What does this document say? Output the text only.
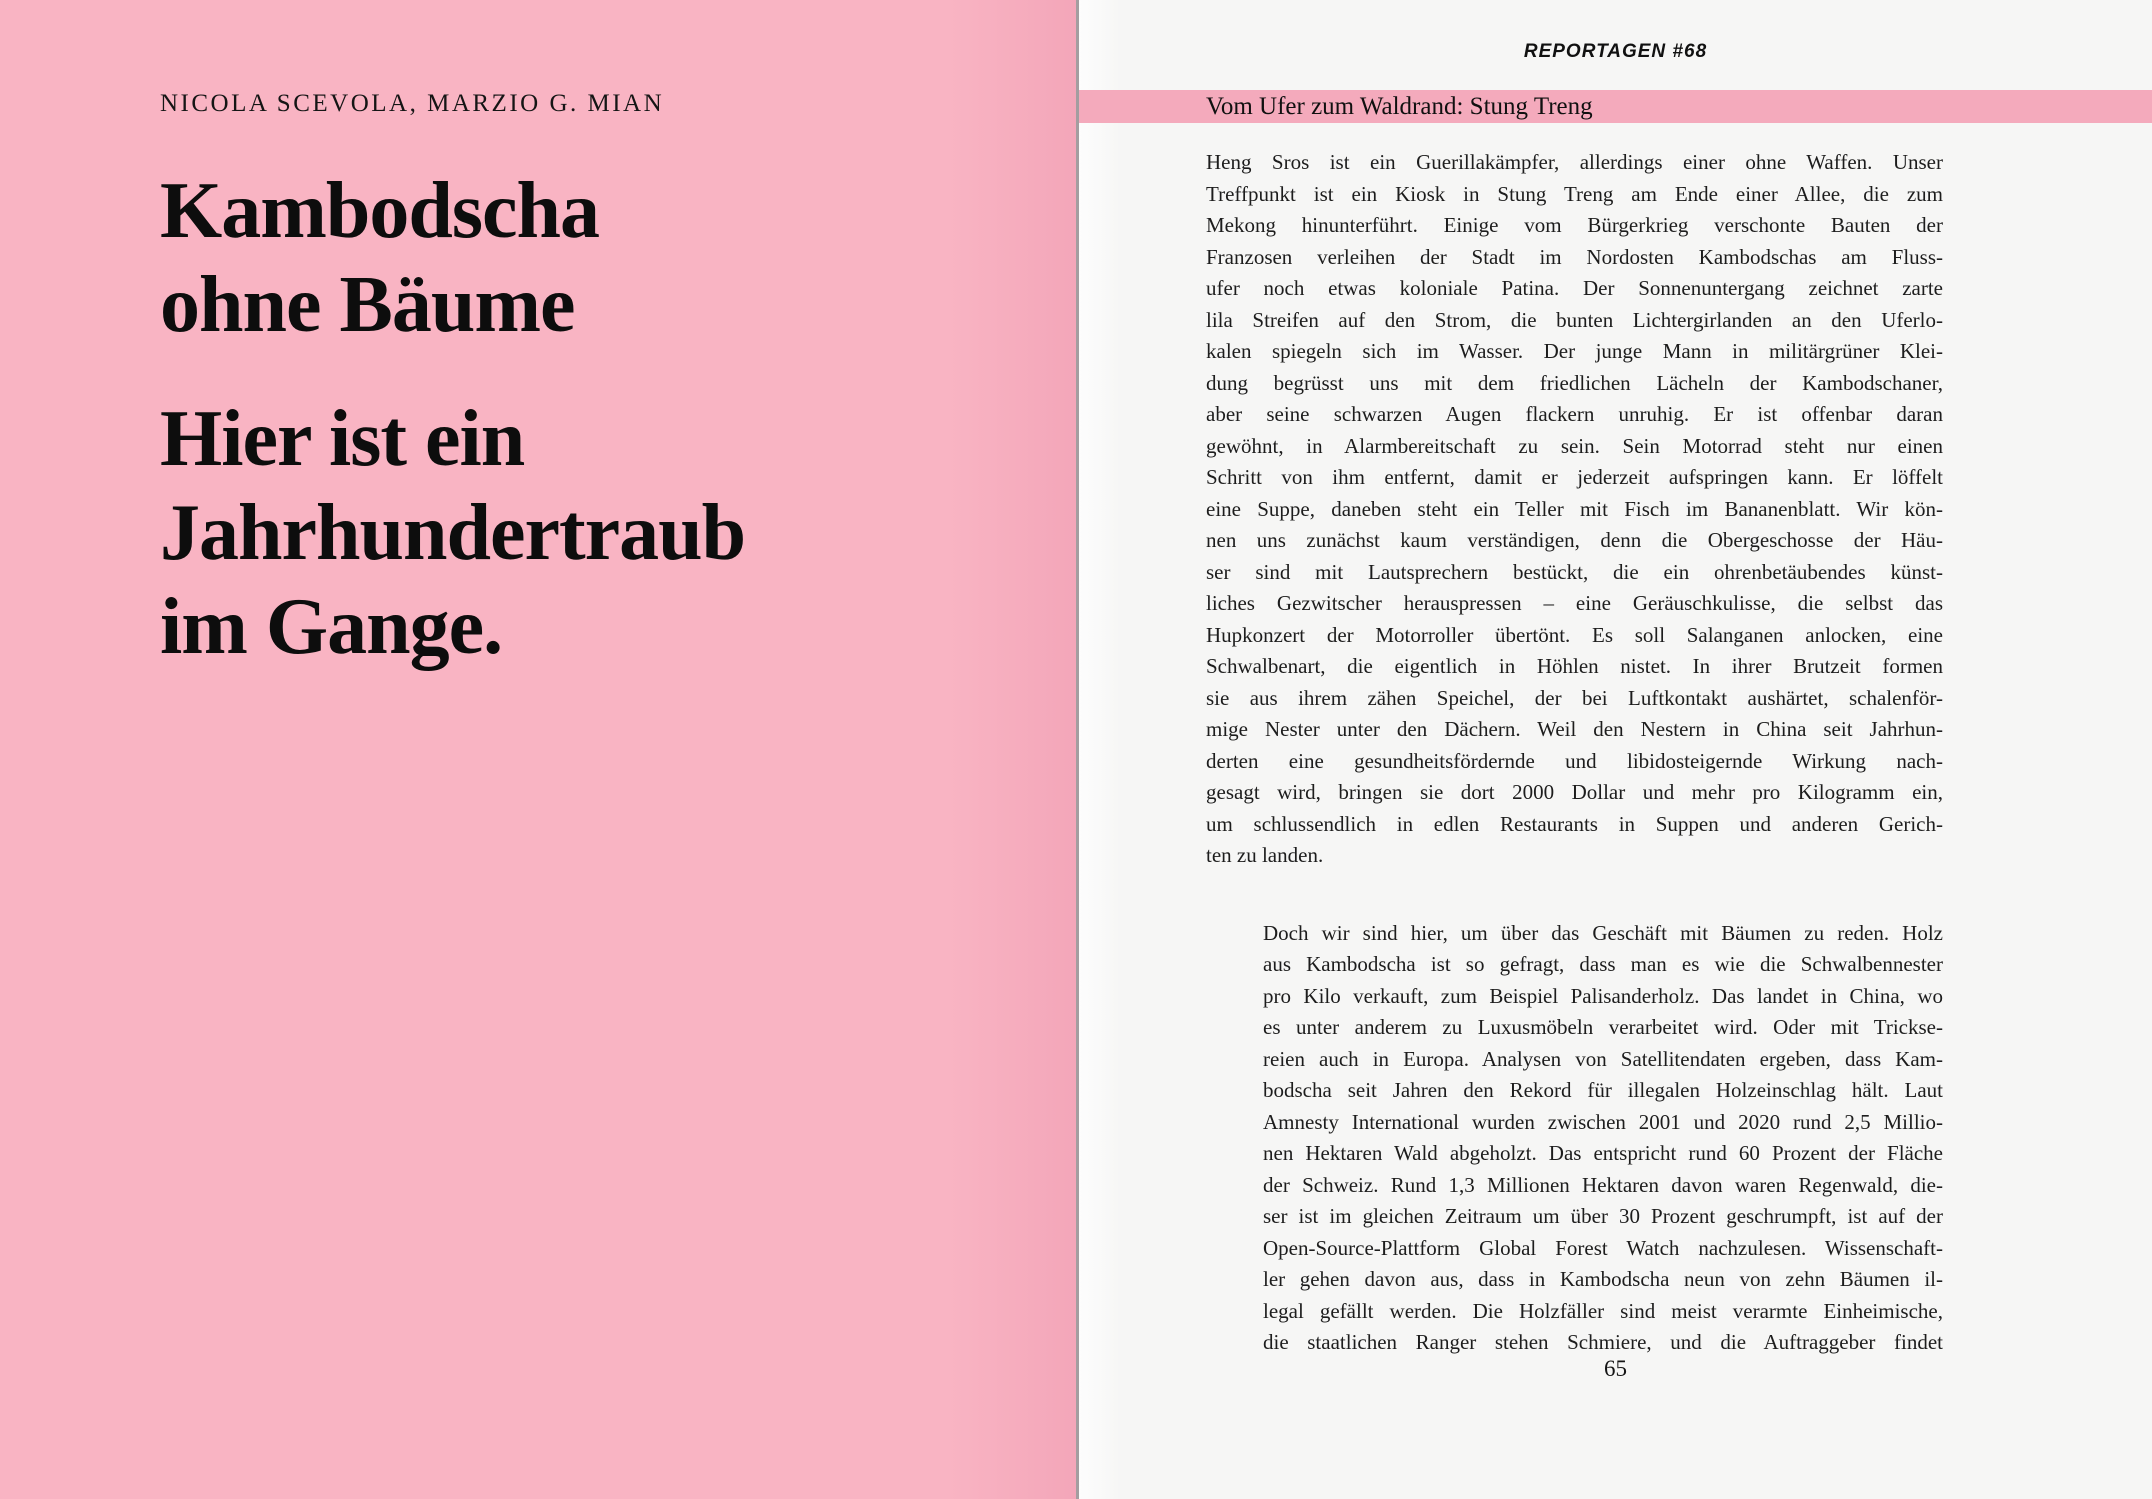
NICOLA SCEVOLA, MARZIO G. MIAN
Kambodscha
ohne Bäume
Hier ist ein
Jahrhundertraub
im Gange.
REPORTAGEN #68
Vom Ufer zum Waldrand: Stung Treng
Heng Sros ist ein Guerillakämpfer, allerdings einer ohne Waffen. Unser
Treffpunkt ist ein Kiosk in Stung Treng am Ende einer Allee, die zum
Mekong hinunterführt. Einige vom Bürgerkrieg verschonte Bauten der
Franzosen verleihen der Stadt im Nordosten Kambodschas am Fluss-
ufer noch etwas koloniale Patina. Der Sonnenuntergang zeichnet zarte
lila Streifen auf den Strom, die bunten Lichtergirlanden an den Uferlo-
kalen spiegeln sich im Wasser. Der junge Mann in militärgrüner Klei-
dung begrüsst uns mit dem friedlichen Lächeln der Kambodschaner,
aber seine schwarzen Augen flackern unruhig. Er ist offenbar daran
gewöhnt, in Alarmbereitschaft zu sein. Sein Motorrad steht nur einen
Schritt von ihm entfernt, damit er jederzeit aufspringen kann. Er löffelt
eine Suppe, daneben steht ein Teller mit Fisch im Bananenblatt. Wir kön-
nen uns zunächst kaum verständigen, denn die Obergeschosse der Häu-
ser sind mit Lautsprechern bestückt, die ein ohrenbetäubendes künst-
liches Gezwitscher herauspressen – eine Geräuschkulisse, die selbst das
Hupkonzert der Motorroller übertönt. Es soll Salanganen anlocken, eine
Schwalbenart, die eigentlich in Höhlen nistet. In ihrer Brutzeit formen
sie aus ihrem zähen Speichel, der bei Luftkontakt aushärtet, schalenför-
mige Nester unter den Dächern. Weil den Nestern in China seit Jahrhun-
derten eine gesundheitsfördernde und libidosteigernde Wirkung nach-
gesagt wird, bringen sie dort 2000 Dollar und mehr pro Kilogramm ein,
um schlussendlich in edlen Restaurants in Suppen und anderen Gerich-
ten zu landen.
Doch wir sind hier, um über das Geschäft mit Bäumen zu reden. Holz
aus Kambodscha ist so gefragt, dass man es wie die Schwalbennester
pro Kilo verkauft, zum Beispiel Palisanderholz. Das landet in China, wo
es unter anderem zu Luxusmöbeln verarbeitet wird. Oder mit Trickse-
reien auch in Europa. Analysen von Satellitendaten ergeben, dass Kam-
bodscha seit Jahren den Rekord für illegalen Holzeinschlag hält. Laut
Amnesty International wurden zwischen 2001 und 2020 rund 2,5 Millio-
nen Hektaren Wald abgeholzt. Das entspricht rund 60 Prozent der Fläche
der Schweiz. Rund 1,3 Millionen Hektaren davon waren Regenwald, die-
ser ist im gleichen Zeitraum um über 30 Prozent geschrumpft, ist auf der
Open-Source-Plattform Global Forest Watch nachzulesen. Wissenschaft-
ler gehen davon aus, dass in Kambodscha neun von zehn Bäumen il-
legal gefällt werden. Die Holzfäller sind meist verarmte Einheimische,
die staatlichen Ranger stehen Schmiere, und die Auftraggeber findet
65
